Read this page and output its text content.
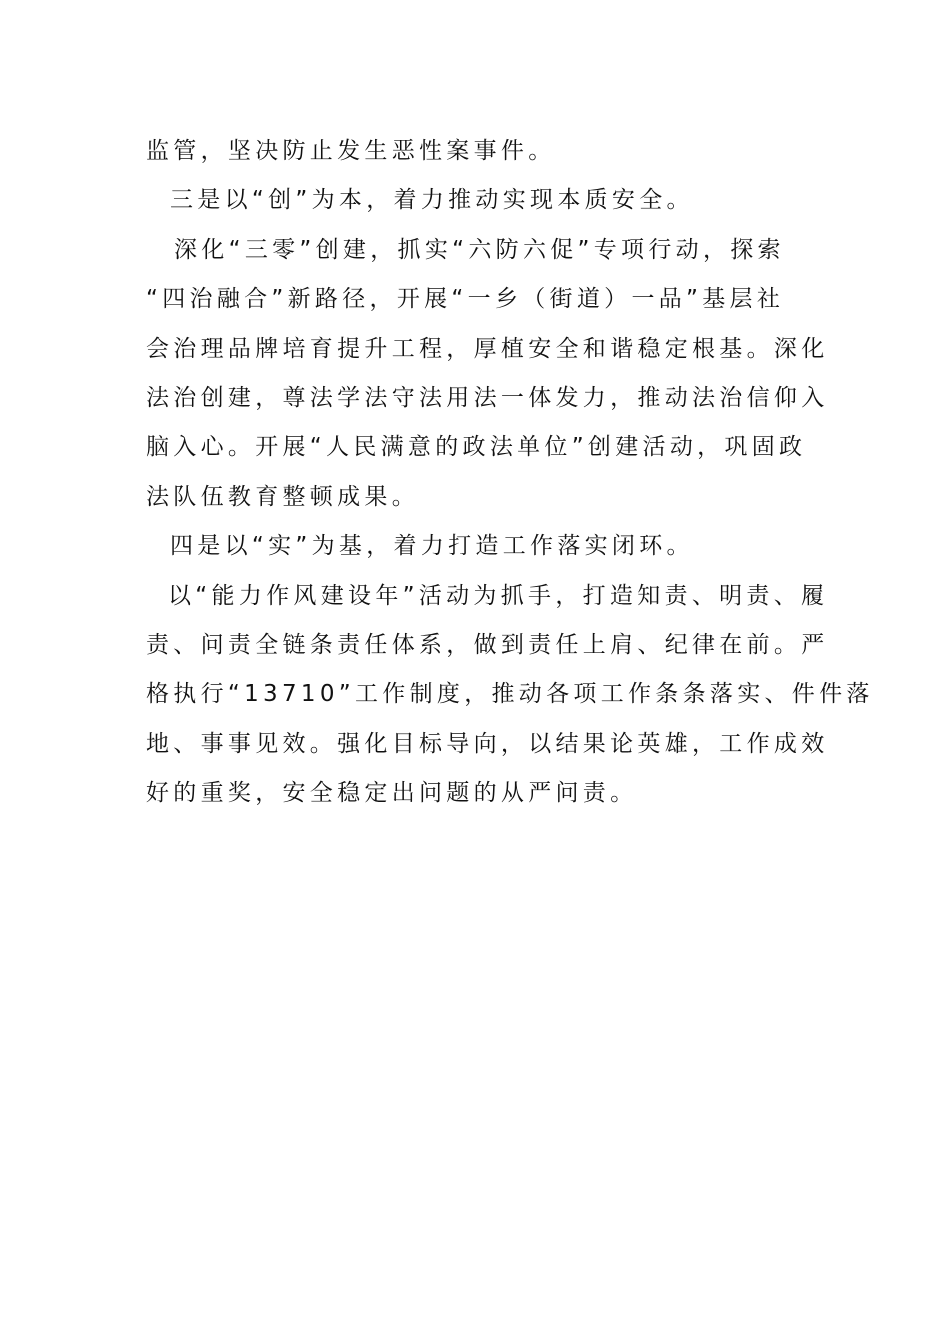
监管，坚决防止发生恶性案事件。
三是以“创”为本，着力推动实现本质安全。
深化“三零”创建，抓实“六防六促”专项行动，探索
“四治融合”新路径，开展“一乡（街道）一品”基层社
会治理品牌培育提升工程，厚植安全和谐稳定根基。深化
法治创建，尊法学法守法用法一体发力，推动法治信仰入
脑入心。开展“人民满意的政法单位”创建活动，巩固政
法队伍教育整顿成果。
四是以“实”为基，着力打造工作落实闭环。
以“能力作风建设年”活动为抓手，打造知责、明责、履
责、问责全链条责任体系，做到责任上肩、纪律在前。严
格执行“13710”工作制度，推动各项工作条条落实、件件落
地、事事见效。强化目标导向，以结果论英雄，工作成效
好的重奖，安全稳定出问题的从严问责。
